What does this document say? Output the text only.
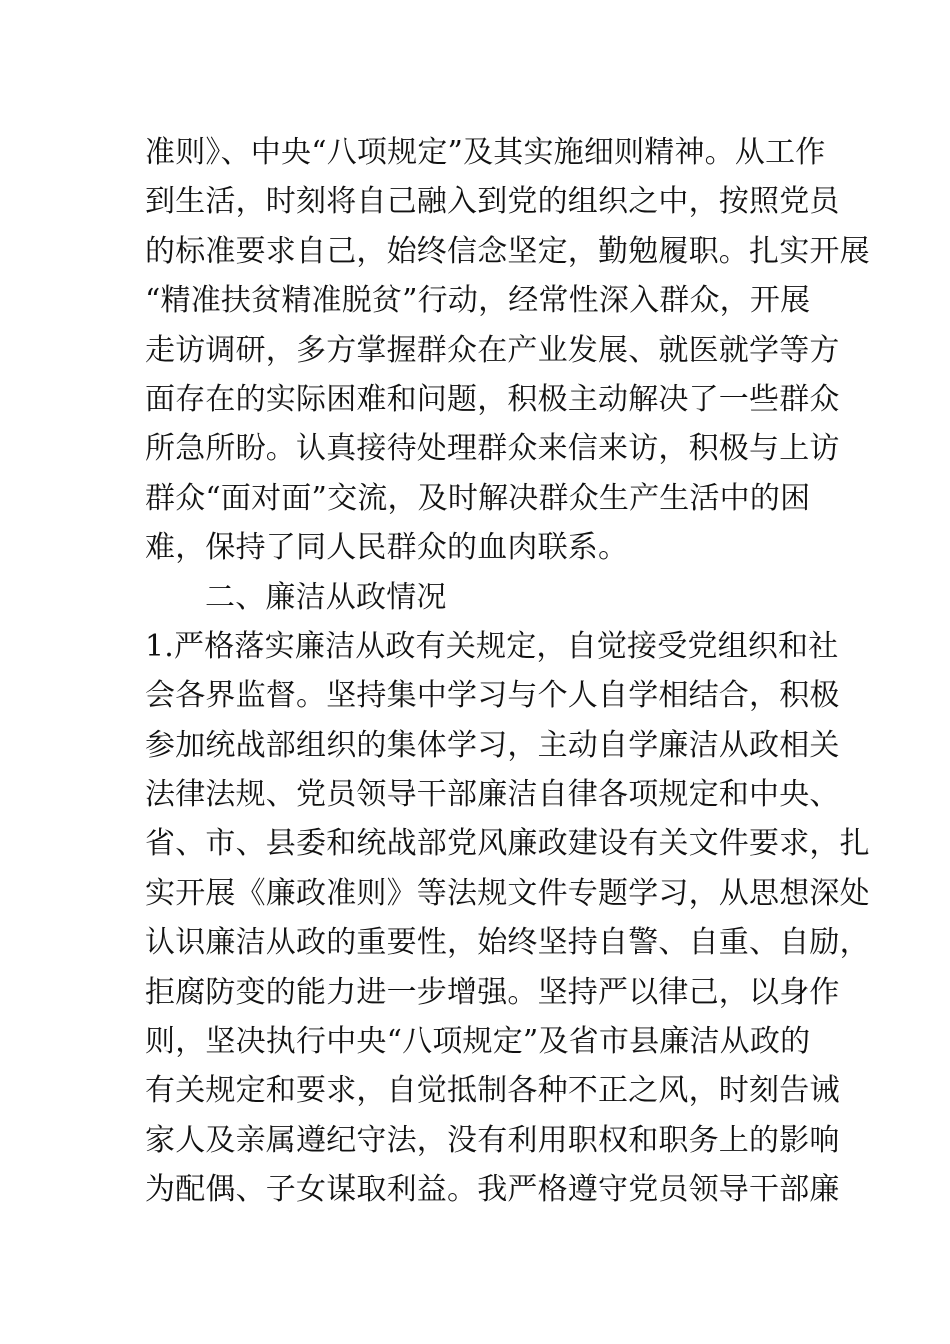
准则》、中央“八项规定”及其实施细则精神。从工作
到生活，时刻将自己融入到党的组织之中，按照党员
的标准要求自己，始终信念坚定，勤勉履职。扎实开展
“精准扶贫精准脱贫”行动，经常性深入群众，开展
走访调研，多方掌握群众在产业发展、就医就学等方
面存在的实际困难和问题，积极主动解决了一些群众
所急所盼。认真接待处理群众来信来访，积极与上访
群众“面对面”交流，及时解决群众生产生活中的困
难，保持了同人民群众的血肉联系。
二、廉洁从政情况
1.严格落实廉洁从政有关规定，自觉接受党组织和社
会各界监督。坚持集中学习与个人自学相结合，积极
参加统战部组织的集体学习，主动自学廉洁从政相关
法律法规、党员领导干部廉洁自律各项规定和中央、
省、市、县委和统战部党风廉政建设有关文件要求，扎
实开展《廉政准则》等法规文件专题学习，从思想深处
认识廉洁从政的重要性，始终坚持自警、自重、自励，
拒腐防变的能力进一步增强。坚持严以律己，以身作
则，坚决执行中央“八项规定”及省市县廉洁从政的
有关规定和要求，自觉抵制各种不正之风，时刻告诫
家人及亲属遵纪守法，没有利用职权和职务上的影响
为配偶、子女谋取利益。我严格遵守党员领导干部廉
